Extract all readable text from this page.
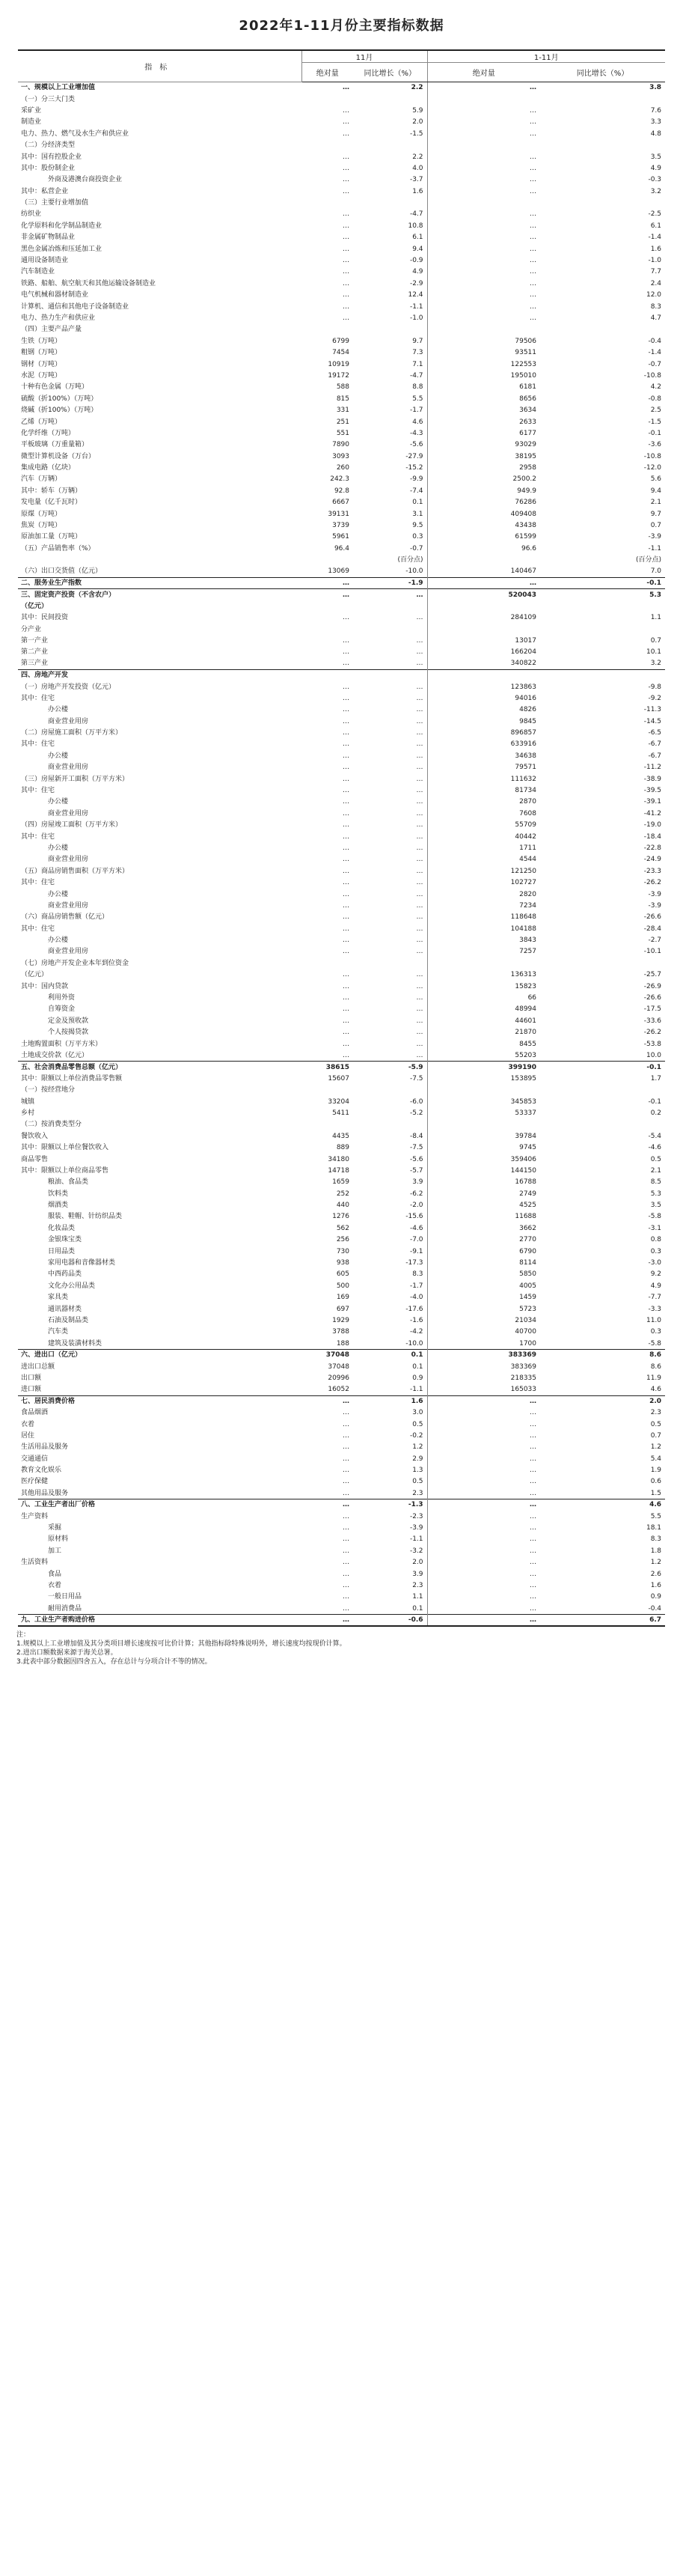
2022年1-11月份主要指标数据
指标	11月		1-11月	
	绝对量	同比增长（%）	绝对量	同比增长（%）
一、规模以上工业增加值	…	2.2	…	3.8
（一）分三大门类				
采矿业	…	5.9	…	7.6
制造业	…	2.0	…	3.3
电力、热力、燃气及水生产和供应业	…	-1.5	…	4.8
（二）分经济类型				
其中：国有控股企业	…	2.2	…	3.5
其中：股份制企业	…	4.0	…	4.9
外商及港澳台商投资企业	…	-3.7	…	-0.3
其中：私营企业	…	1.6	…	3.2
（三）主要行业增加值				
纺织业	…	-4.7	…	-2.5
化学原料和化学制品制造业	…	10.8	…	6.1
非金属矿物制品业	…	6.1	…	-1.4
黑色金属冶炼和压延加工业	…	9.4	…	1.6
通用设备制造业	…	-0.9	…	-1.0
汽车制造业	…	4.9	…	7.7
铁路、船舶、航空航天和其他运输设备制造业	…	-2.9	…	2.4
电气机械和器材制造业	…	12.4	…	12.0
计算机、通信和其他电子设备制造业	…	-1.1	…	8.3
电力、热力生产和供应业	…	-1.0	…	4.7
（四）主要产品产量				
生铁（万吨）	6799	9.7	79506	-0.4
粗钢（万吨）	7454	7.3	93511	-1.4
钢材（万吨）	10919	7.1	122553	-0.7
水泥（万吨）	19172	-4.7	195010	-10.8
十种有色金属（万吨）	588	8.8	6181	4.2
硫酸（折100%）（万吨）	815	5.5	8656	-0.8
烧碱（折100%）（万吨）	331	-1.7	3634	2.5
乙烯（万吨）	251	4.6	2633	-1.5
化学纤维（万吨）	551	-4.3	6177	-0.1
平板玻璃（万重量箱）	7890	-5.6	93029	-3.6
微型计算机设备（万台）	3093	-27.9	38195	-10.8
集成电路（亿块）	260	-15.2	2958	-12.0
汽车（万辆）	242.3	-9.9	2500.2	5.6
其中：轿车（万辆）	92.8	-7.4	949.9	9.4
发电量（亿千瓦时）	6667	0.1	76286	2.1
原煤（万吨）	39131	3.1	409408	9.7
焦炭（万吨）	3739	9.5	43438	0.7
原油加工量（万吨）	5961	0.3	61599	-3.9
（五）产品销售率（%）	96.4	-0.7	96.6	-1.1
		(百分点)		(百分点)
（六）出口交货值（亿元）	13069	-10.0	140467	7.0
二、服务业生产指数	…	-1.9	…	-0.1
三、固定资产投资（不含农户）	…	…	520043	5.3
（亿元）				
其中：民间投资	…	…	284109	1.1
分产业				
第一产业	…	…	13017	0.7
第二产业	…	…	166204	10.1
第三产业	…	…	340822	3.2
四、房地产开发				
（一）房地产开发投资（亿元）	…	…	123863	-9.8
其中：住宅	…	…	94016	-9.2
办公楼	…	…	4826	-11.3
商业营业用房	…	…	9845	-14.5
（二）房屋施工面积（万平方米）	…	…	896857	-6.5
其中：住宅	…	…	633916	-6.7
办公楼	…	…	34638	-6.7
商业营业用房	…	…	79571	-11.2
（三）房屋新开工面积（万平方米）	…	…	111632	-38.9
其中：住宅	…	…	81734	-39.5
办公楼	…	…	2870	-39.1
商业营业用房	…	…	7608	-41.2
（四）房屋竣工面积（万平方米）	…	…	55709	-19.0
其中：住宅	…	…	40442	-18.4
办公楼	…	…	1711	-22.8
商业营业用房	…	…	4544	-24.9
（五）商品房销售面积（万平方米）	…	…	121250	-23.3
其中：住宅	…	…	102727	-26.2
办公楼	…	…	2820	-3.9
商业营业用房	…	…	7234	-3.9
（六）商品房销售额（亿元）	…	…	118648	-26.6
其中：住宅	…	…	104188	-28.4
办公楼	…	…	3843	-2.7
商业营业用房	…	…	7257	-10.1
（七）房地产开发企业本年到位资金				
（亿元）	…	…	136313	-25.7
其中：国内贷款	…	…	15823	-26.9
利用外资	…	…	66	-26.6
自筹资金	…	…	48994	-17.5
定金及预收款	…	…	44601	-33.6
个人按揭贷款	…	…	21870	-26.2
土地购置面积（万平方米）	…	…	8455	-53.8
土地成交价款（亿元）	…	…	55203	10.0
五、社会消费品零售总额（亿元）	38615	-5.9	399190	-0.1
其中：限额以上单位消费品零售额	15607	-7.5	153895	1.7
（一）按经营地分				
城镇	33204	-6.0	345853	-0.1
乡村	5411	-5.2	53337	0.2
（二）按消费类型分				
餐饮收入	4435	-8.4	39784	-5.4
其中：限额以上单位餐饮收入	889	-7.5	9745	-4.6
商品零售	34180	-5.6	359406	0.5
其中：限额以上单位商品零售	14718	-5.7	144150	2.1
粮油、食品类	1659	3.9	16788	8.5
饮料类	252	-6.2	2749	5.3
烟酒类	440	-2.0	4525	3.5
服装、鞋帽、针纺织品类	1276	-15.6	11688	-5.8
化妆品类	562	-4.6	3662	-3.1
金银珠宝类	256	-7.0	2770	0.8
日用品类	730	-9.1	6790	0.3
家用电器和音像器材类	938	-17.3	8114	-3.0
中西药品类	605	8.3	5850	9.2
文化办公用品类	500	-1.7	4005	4.9
家具类	169	-4.0	1459	-7.7
通讯器材类	697	-17.6	5723	-3.3
石油及制品类	1929	-1.6	21034	11.0
汽车类	3788	-4.2	40700	0.3
建筑及装潢材料类	188	-10.0	1700	-5.8
六、进出口（亿元）	37048	0.1	383369	8.6
进出口总额	37048	0.1	383369	8.6
出口额	20996	0.9	218335	11.9
进口额	16052	-1.1	165033	4.6
七、居民消费价格	…	1.6	…	2.0
食品烟酒	…	3.0	…	2.3
衣着	…	0.5	…	0.5
居住	…	-0.2	…	0.7
生活用品及服务	…	1.2	…	1.2
交通通信	…	2.9	…	5.4
教育文化娱乐	…	1.3	…	1.9
医疗保健	…	0.5	…	0.6
其他用品及服务	…	2.3	…	1.5
八、工业生产者出厂价格	…	-1.3	…	4.6
生产资料	…	-2.3	…	5.5
采掘	…	-3.9	…	18.1
原材料	…	-1.1	…	8.3
加工	…	-3.2	…	1.8
生活资料	…	2.0	…	1.2
食品	…	3.9	…	2.6
衣着	…	2.3	…	1.6
一般日用品	…	1.1	…	0.9
耐用消费品	…	0.1	…	-0.4
九、工业生产者购进价格	…	-0.6	…	6.7
注：
1.规模以上工业增加值及其分类项目增长速度按可比价计算；其他指标除特殊说明外，增长速度均按现价计算。
2.进出口额数据来源于海关总署。
3.此表中部分数据因四舍五入，存在总计与分项合计不等的情况。
